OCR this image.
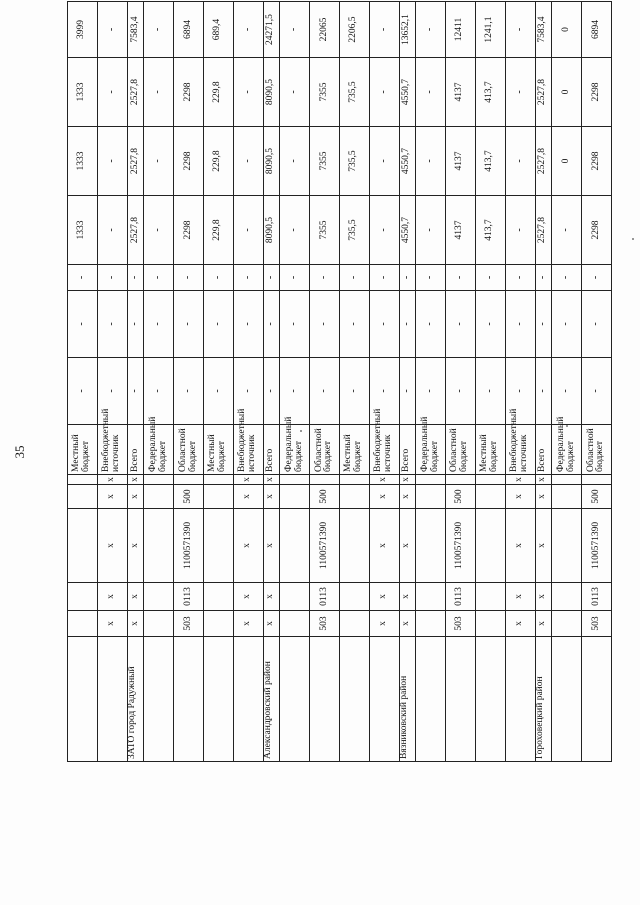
35
							Местный бюджет	-	-	-	1333	1333	1333	3999
	х	х	х	х	х	Внебюджетный источник	-	-	-	-	-	-	-
ЗАТО город Радужный	х	х	х	х	х	Всего	-	-	-	2527,8	2527,8	2527,8	7583,4
						Федеральный бюджет	-	-	-	-	-	-	-
	503	0113	1100571390	500		Областной бюджет	-	-	-	2298	2298	2298	6894
						Местный бюджет	-	-	-	229,8	229,8	229,8	689,4
	х	х	х	х	х	Внебюджетный источник	-	-	-	-	-	-	-
Александровский район	х	х	х	х	х	Всего	-	-	-	8090,5	8090,5	8090,5	24271,5
						Федеральный бюджет	-	-	-	-	-	-	-
	503	0113	1100571390	500		Областной бюджет	-	-	-	7355	7355	7355	22065
						Местный бюджет	-	-	-	735,5	735,5	735,5	2206,5
	х	х	х	х	х	Внебюджетный источник	-	-	-	-	-	-	-
Вязниковский район	х	х	х	х	х	Всего	-	-	-	4550,7	4550,7	4550,7	13652,1
						Федеральный бюджет	-	-	-	-	-	-	-
	503	0113	1100571390	500		Областной бюджет	-	-	-	4137	4137	4137	12411
						Местный бюджет	-	-	-	413,7	413,7	413,7	1241,1
	х	х	х	х	х	Внебюджетный источник	-	-	-	-	-	-	-
Гороховецкий район	х	х	х	х	х	Всего	-	-	-	2527,8	2527,8	2527,8	7583,4
						Федеральный бюджет	-	-	-	-	0	0	0
	503	0113	1100571390	500		Областной бюджет	-	-	-	2298	2298	2298	6894
